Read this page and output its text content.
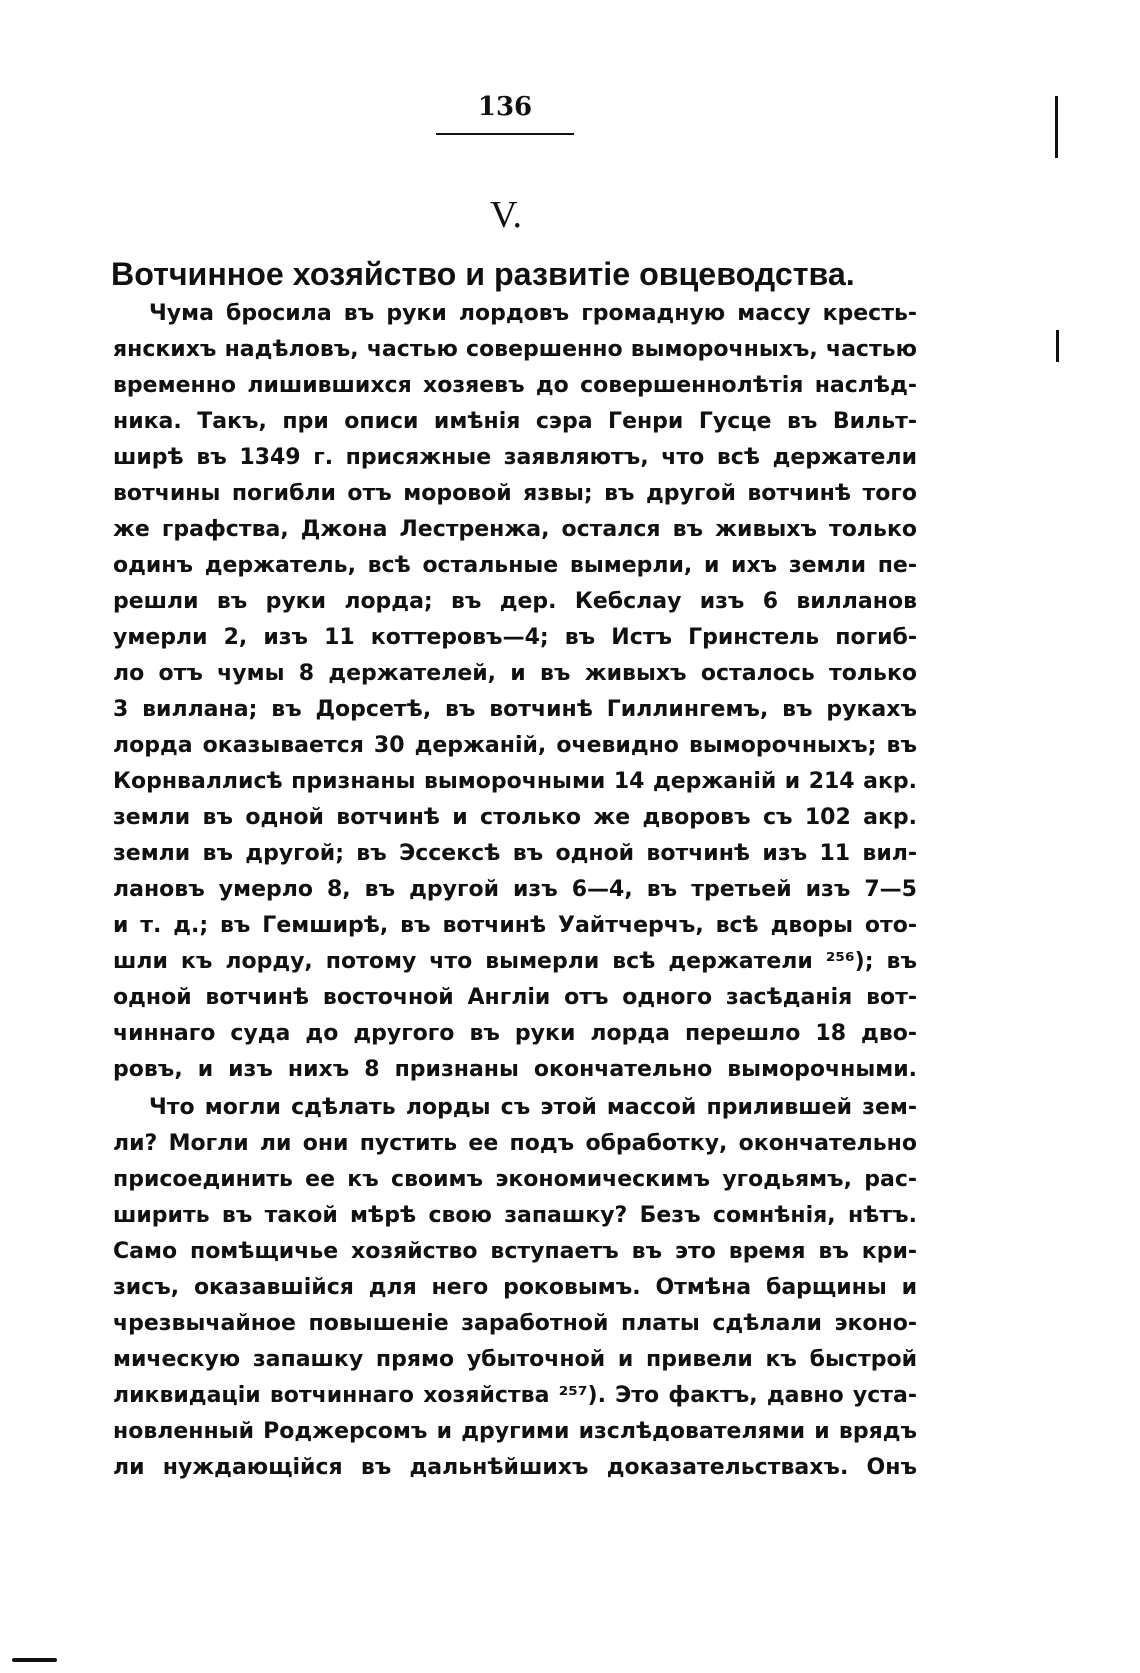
136
V.
Вотчинное хозяйство и развитіе овцеводства.
Чума бросила въ руки лордовъ громадную массу кресть-
янскихъ надѣловъ, частью совершенно выморочныхъ, частью
временно лишившихся хозяевъ до совершеннолѣтія наслѣд-
ника. Такъ, при описи имѣнія сэра Генри Гусце въ Вильт-
ширѣ въ 1349 г. присяжные заявляютъ, что всѣ держатели
вотчины погибли отъ моровой язвы; въ другой вотчинѣ того
же графства, Джона Лестренжа, остался въ живыхъ только
одинъ держатель, всѣ остальные вымерли, и ихъ земли пе-
решли въ руки лорда; въ дер. Кебслау изъ 6 вилланов
умерли 2, изъ 11 коттеровъ—4; въ Истъ Гринстель погиб-
ло отъ чумы 8 держателей, и въ живыхъ осталось только
3 виллана; въ Дорсетѣ, въ вотчинѣ Гиллингемъ, въ рукахъ
лорда оказывается 30 держаній, очевидно выморочныхъ; въ
Корнваллисѣ признаны выморочными 14 держаній и 214 акр.
земли въ одной вотчинѣ и столько же дворовъ съ 102 акр.
земли въ другой; въ Эссексѣ въ одной вотчинѣ изъ 11 вил-
лановъ умерло 8, въ другой изъ 6—4, въ третьей изъ 7—5
и т. д.; въ Гемширѣ, въ вотчинѣ Уайтчерчъ, всѣ дворы ото-
шли къ лорду, потому что вымерли всѣ держатели ²⁵⁶); въ
одной вотчинѣ восточной Англіи отъ одного засѣданія вот-
чиннаго суда до другого въ руки лорда перешло 18 дво-
ровъ, и изъ нихъ 8 признаны окончательно выморочными.
Что могли сдѣлать лорды съ этой массой прилившей зем-
ли? Могли ли они пустить ее подъ обработку, окончательно
присоединить ее къ своимъ экономическимъ угодьямъ, рас-
ширить въ такой мѣрѣ свою запашку? Безъ сомнѣнія, нѣтъ.
Само помѣщичье хозяйство вступаетъ въ это время въ кри-
зисъ, оказавшійся для него роковымъ. Отмѣна барщины и
чрезвычайное повышеніе заработной платы сдѣлали эконо-
мическую запашку прямо убыточной и привели къ быстрой
ликвидаціи вотчиннаго хозяйства ²⁵⁷). Это фактъ, давно уста-
новленный Роджерсомъ и другими изслѣдователями и врядъ
ли нуждающійся въ дальнѣйшихъ доказательствахъ. Онъ
